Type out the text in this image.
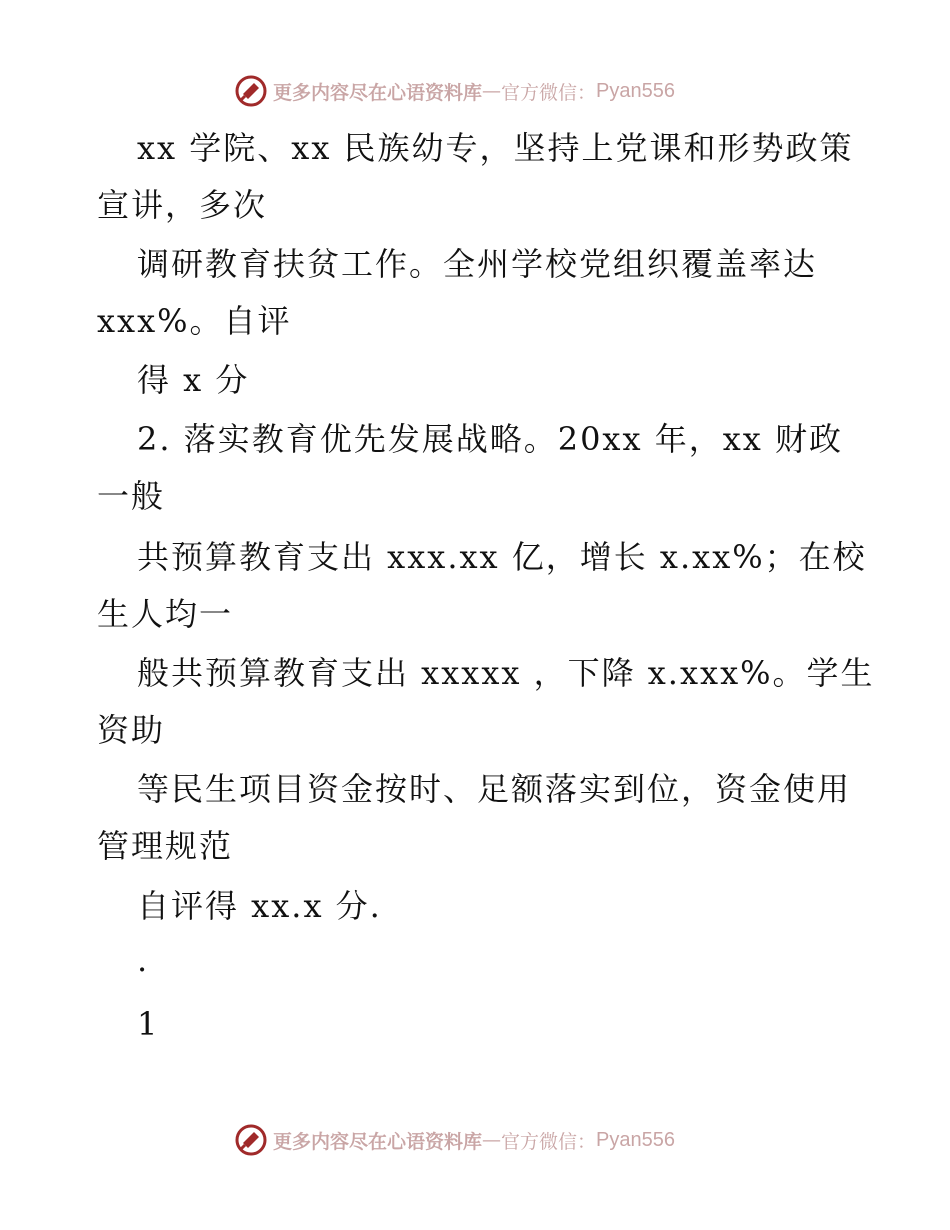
更多内容尽在心语资料库 — 官方微信： Pyan556
xx 学院、xx 民族幼专，坚持上党课和形势政策
宣讲，多次
调研教育扶贫工作。全州学校党组织覆盖率达
xxx%。自评
得 x 分
2. 落实教育优先发展战略。20xx 年，xx 财政
一般
共预算教育支出 xxx.xx 亿，增长 x.xx%；在校
生人均一
般共预算教育支出 xxxxx ，下降 x.xxx%。学生
资助
等民生项目资金按时、足额落实到位，资金使用
管理规范
自评得 xx.x 分.
.
1
更多内容尽在心语资料库 — 官方微信： Pyan556
